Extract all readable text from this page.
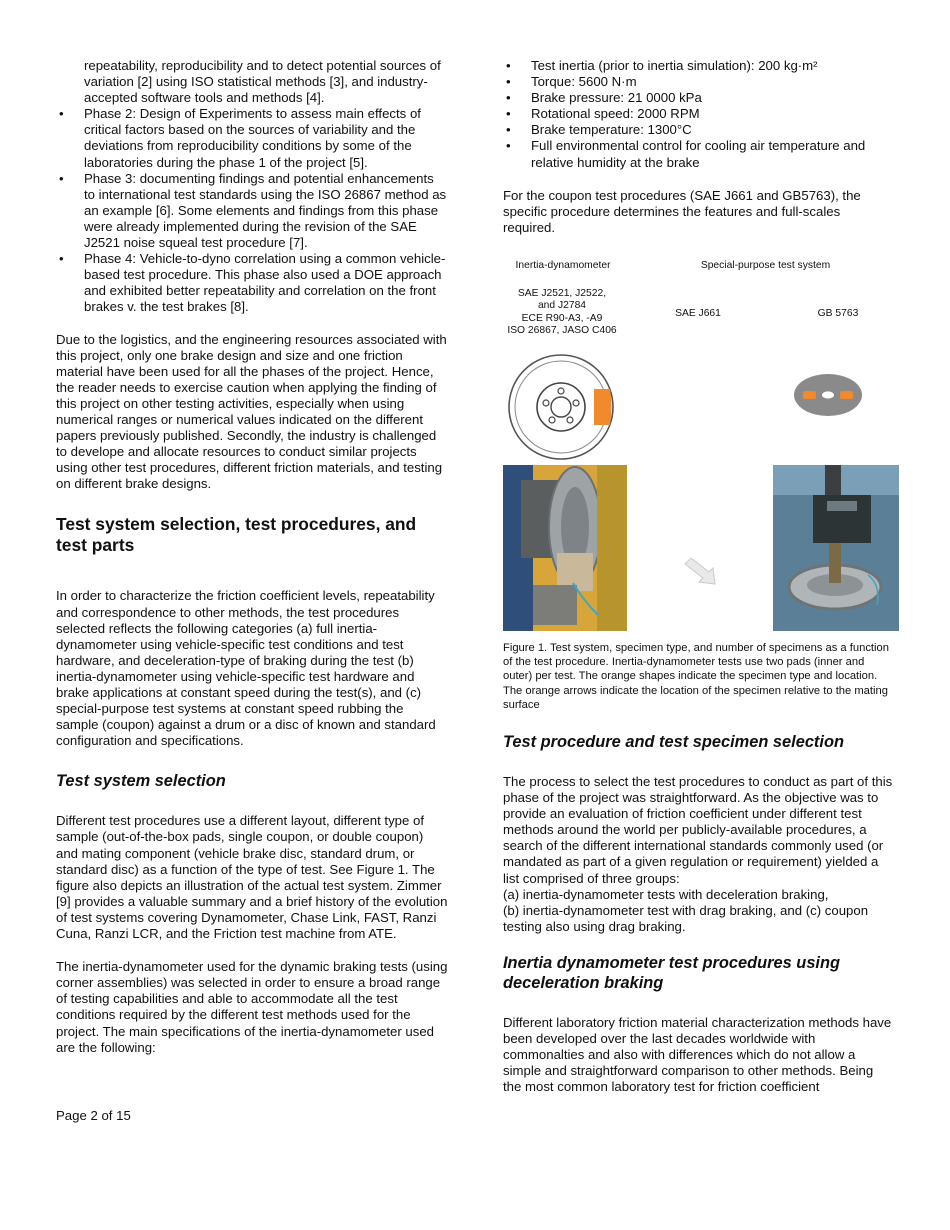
repeatability, reproducibility and to detect potential sources of variation [2] using ISO statistical methods [3], and industry-accepted software tools and methods [4].

• Phase 2: Design of Experiments to assess main effects of critical factors based on the sources of variability and the deviations from reproducibility conditions by some of the laboratories during the phase 1 of the project [5].
• Phase 3: documenting findings and potential enhancements to international test standards using the ISO 26867 method as an example [6]. Some elements and findings from this phase were already implemented during the revision of the SAE J2521 noise squeal test procedure [7].
• Phase 4: Vehicle-to-dyno correlation using a common vehicle-based test procedure. This phase also used a DOE approach and exhibited better repeatability and correlation on the front brakes v. the test brakes [8].

Due to the logistics, and the engineering resources associated with this project, only one brake design and size and one friction material have been used for all the phases of the project. Hence, the reader needs to exercise caution when applying the finding of this project on other testing activities, especially when using numerical ranges or numerical values indicated on the different papers previously published. Secondly, the industry is challenged to develope and allocate resources to conduct similar projects using other test procedures, different friction materials, and testing on different brake designs.

Test system selection, test procedures, and test parts

In order to characterize the friction coefficient levels, repeatability and correspondence to other methods, the test procedures selected reflects the following categories (a) full inertia-dynamometer using vehicle-specific test conditions and test hardware, and deceleration-type of braking during the test (b) inertia-dynamometer using vehicle-specific test hardware and brake applications at constant speed during the test(s), and (c) special-purpose test systems at constant speed rubbing the sample (coupon) against a drum or a disc of known and standard configuration and specifications.

Test system selection

Different test procedures use a different layout, different type of sample (out-of-the-box pads, single coupon, or double coupon) and mating component (vehicle brake disc, standard drum, or standard disc) as a function of the type of test. See Figure 1. The figure also depicts an illustration of the actual test system. Zimmer [9] provides a valuable summary and a brief history of the evolution of test systems covering Dynamometer, Chase Link, FAST, Ranzi Cuna, Ranzi LCR, and the Friction test machine from ATE.

The inertia-dynamometer used for the dynamic braking tests (using corner assemblies) was selected in order to ensure a broad range of testing capabilities and able to accommodate all the test conditions required by the different test methods used for the project. The main specifications of the inertia-dynamometer used are the following:

• Test inertia (prior to inertia simulation): 200 kg·m²
• Torque: 5600 N·m
• Brake pressure: 21 0000 kPa
• Rotational speed: 2000 RPM
• Brake temperature: 1300°C
• Full environmental control for cooling air temperature and relative humidity at the brake

For the coupon test procedures (SAE J661 and GB5763), the specific procedure determines the features and full-scales required.

Inertia-dynamometer	Special-purpose test system
SAE J2521, J2522,
and J2784
ECE R90-A3, -A9
ISO 26867, JASO C406
SAE J661	GB 5763

Figure 1. Test system, specimen type, and number of specimens as a function of the test procedure. Inertia-dynamometer tests use two pads (inner and outer) per test. The orange shapes indicate the specimen type and location. The orange arrows indicate the location of the specimen relative to the mating surface

Test procedure and test specimen selection

The process to select the test procedures to conduct as part of this phase of the project was straightforward. As the objective was to provide an evaluation of friction coefficient under different test methods around the world per publicly-available procedures, a search of the different international standards commonly used (or mandated as part of a given regulation or requirement) yielded a list comprised of three groups:

(a) inertia-dynamometer tests with deceleration braking,

(b) inertia-dynamometer test with drag braking, and (c) coupon testing also using drag braking.

Inertia dynamometer test procedures using deceleration braking

Different laboratory friction material characterization methods have been developed over the last decades worldwide with commonalties and also with differences which do not allow a simple and straightforward comparison to other methods. Being the most common laboratory test for friction coefficient

Page 2 of 15
